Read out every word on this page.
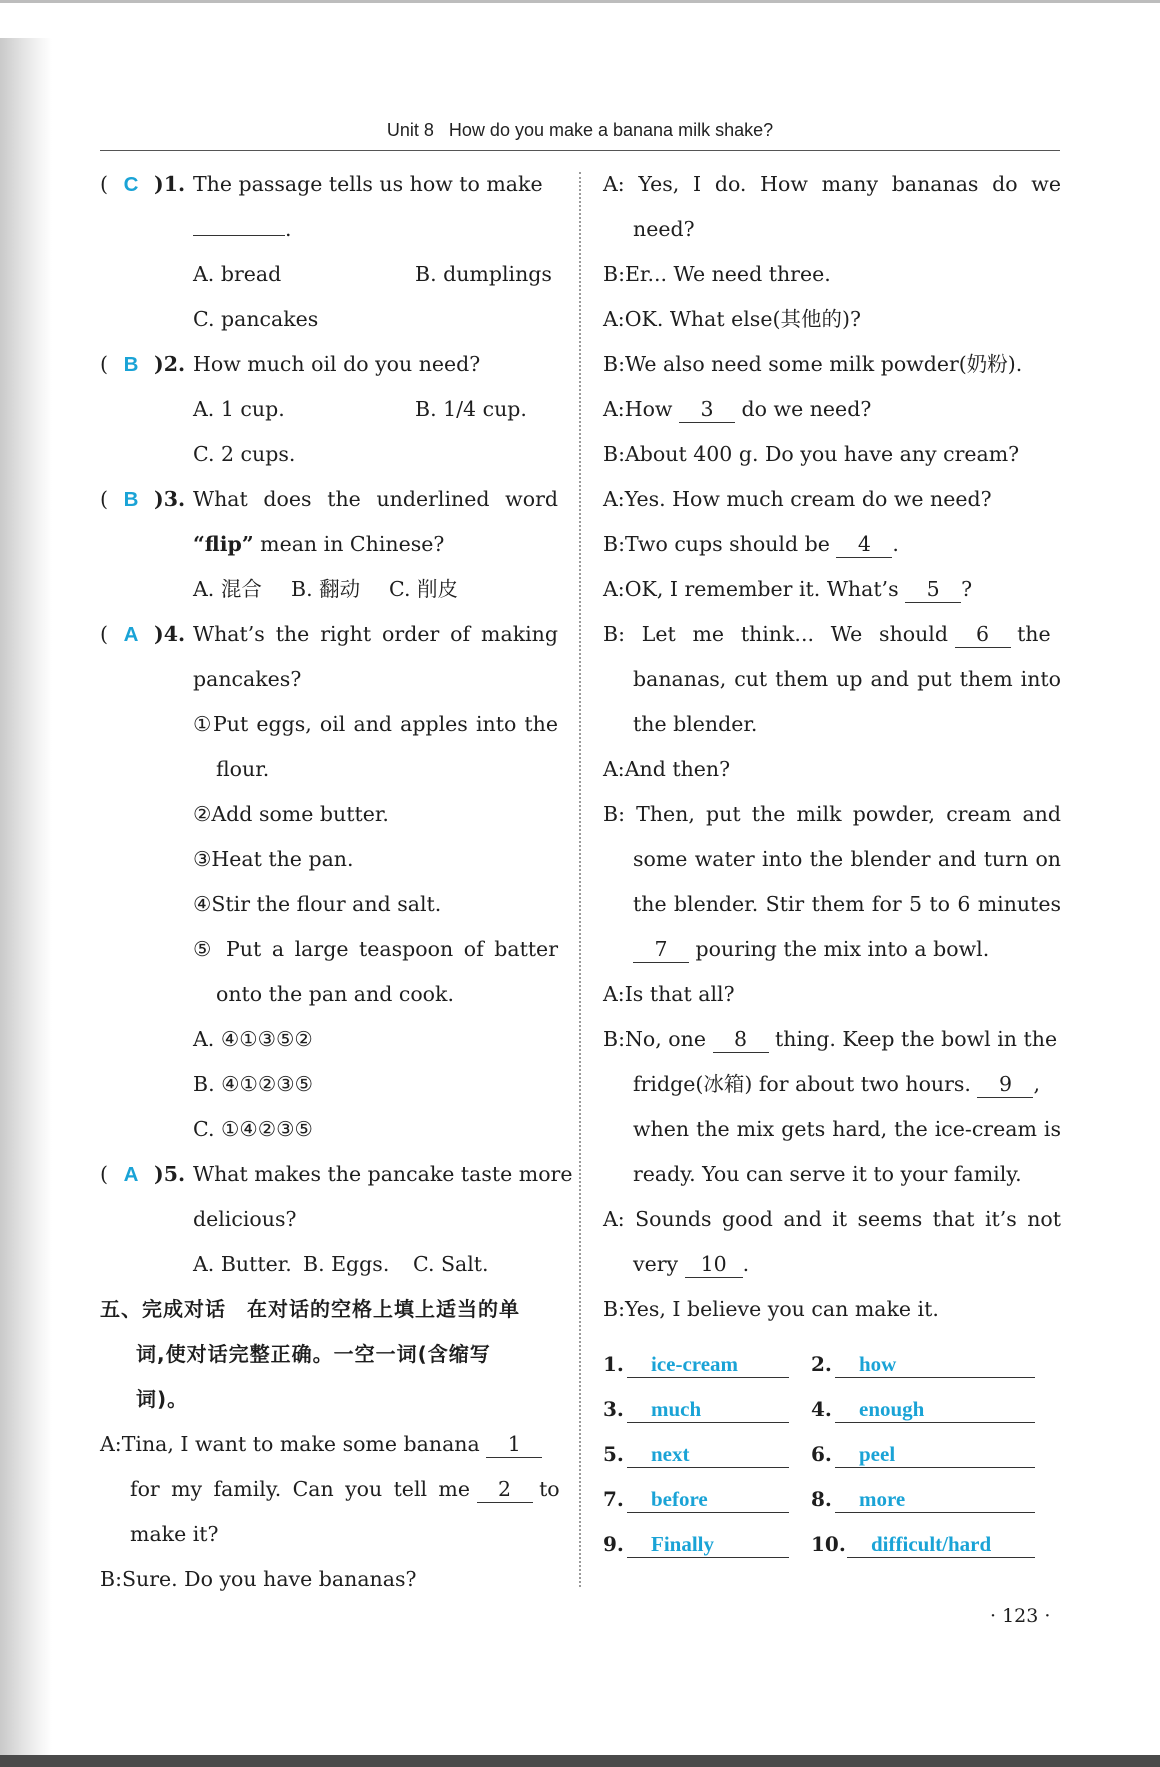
Unit 8 How do you make a banana milk shake?
( C )1. The passage tells us how to make
.
A. bread	B. dumplings
C. pancakes
( B )2. How much oil do you need?
A. 1 cup.	B. 1/4 cup.
C. 2 cups.
( B )3. What does the underlined word
“flip” mean in Chinese?
A. 混合 B. 翻动 C. 削皮
( A )4. What’s the right order of making
pancakes?
①Put eggs, oil and apples into the
flour.
②Add some butter.
③Heat the pan.
④Stir the flour and salt.
⑤ Put a large teaspoon of batter
onto the pan and cook.
A. ④①③⑤②
B. ④①②③⑤
C. ①④②③⑤
( A )5. What makes the pancake taste more
delicious?
A. Butter. B. Eggs. C. Salt.
五、完成对话　在对话的空格上填上适当的单
词,使对话完整正确。一空一词(含缩写
词)。
A:Tina, I want to make some banana 1
for my family. Can you tell me 2 to
make it?
B:Sure. Do you have bananas?
A: Yes, I do. How many bananas do we
need?
B:Er... We need three.
A:OK. What else(其他的)?
B:We also need some milk powder(奶粉).
A:How 3 do we need?
B:About 400 g. Do you have any cream?
A:Yes. How much cream do we need?
B:Two cups should be 4 .
A:OK, I remember it. What’s 5 ?
B: Let me think... We should 6 the
bananas, cut them up and put them into
the blender.
A:And then?
B: Then, put the milk powder, cream and
some water into the blender and turn on
the blender. Stir them for 5 to 6 minutes
7 pouring the mix into a bowl.
A:Is that all?
B:No, one 8 thing. Keep the bowl in the
fridge(冰箱) for about two hours. 9 ,
when the mix gets hard, the ice-cream is
ready. You can serve it to your family.
A: Sounds good and it seems that it’s not
very 10 .
B:Yes, I believe you can make it.
1. ice-cream	2. how
3. much	4. enough
5. next	6. peel
7. before	8. more
9. Finally	10. difficult/hard
· 123 ·
